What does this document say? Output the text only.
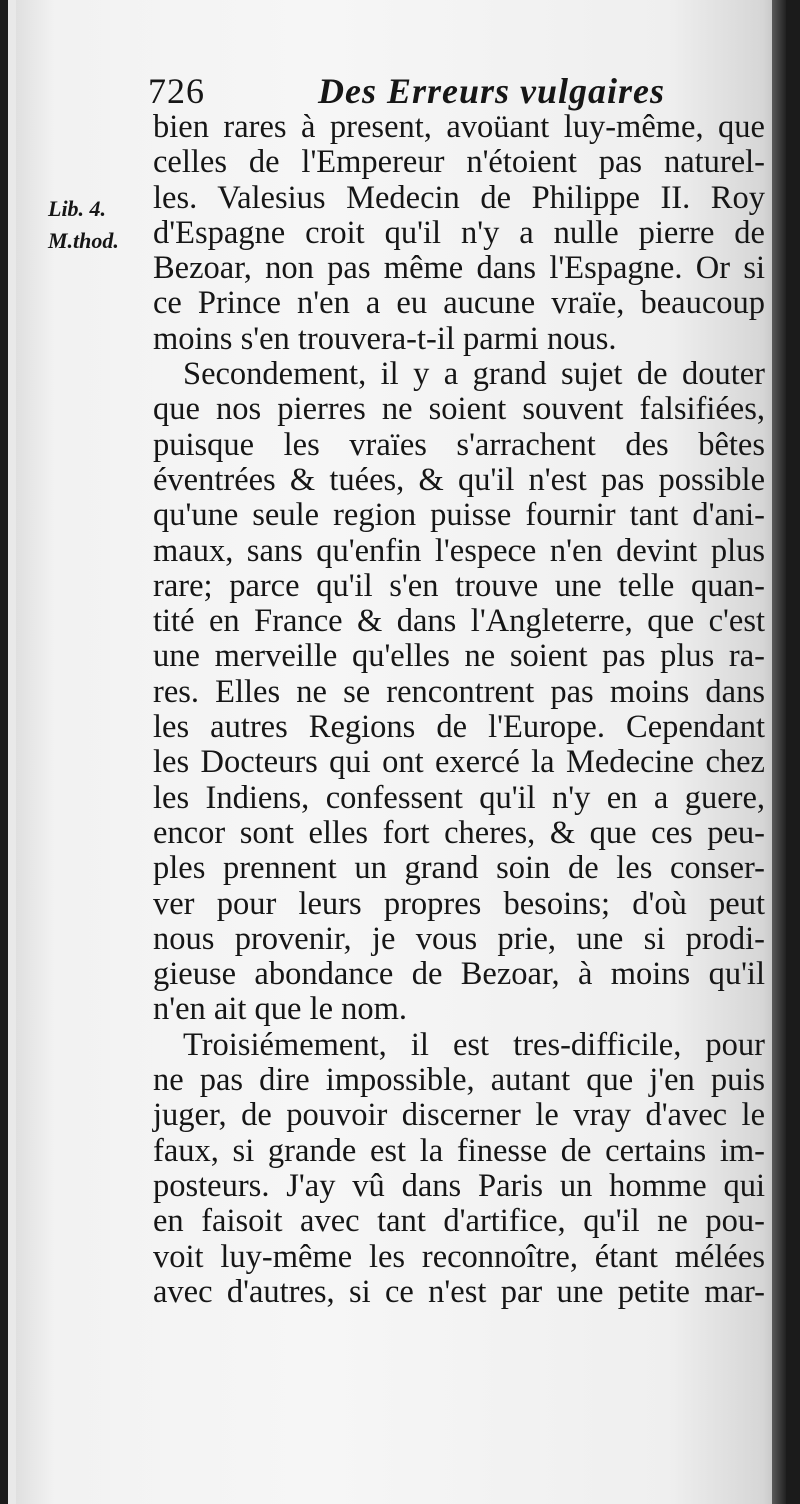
726	Des Erreurs vulgaires
Lib. 4.
M.thod.
bien rares à present, avoüant luy-même, que
celles de l'Empereur n'étoient pas naturel-
les. Valesius Medecin de Philippe II. Roy
d'Espagne croit qu'il n'y a nulle pierre de
Bezoar, non pas même dans l'Espagne. Or si
ce Prince n'en a eu aucune vraïe, beaucoup
moins s'en trouvera-t-il parmi nous.
Secondement, il y a grand sujet de douter
que nos pierres ne soient souvent falsifiées,
puisque les vraïes s'arrachent des bêtes
éventrées & tuées, & qu'il n'est pas possible
qu'une seule region puisse fournir tant d'ani-
maux, sans qu'enfin l'espece n'en devint plus
rare; parce qu'il s'en trouve une telle quan-
tité en France & dans l'Angleterre, que c'est
une merveille qu'elles ne soient pas plus ra-
res. Elles ne se rencontrent pas moins dans
les autres Regions de l'Europe. Cependant
les Docteurs qui ont exercé la Medecine chez
les Indiens, confessent qu'il n'y en a guere,
encor sont elles fort cheres, & que ces peu-
ples prennent un grand soin de les conser-
ver pour leurs propres besoins; d'où peut
nous provenir, je vous prie, une si prodi-
gieuse abondance de Bezoar, à moins qu'il
n'en ait que le nom.
Troisiémement, il est tres-difficile, pour
ne pas dire impossible, autant que j'en puis
juger, de pouvoir discerner le vray d'avec le
faux, si grande est la finesse de certains im-
posteurs. J'ay vû dans Paris un homme qui
en faisoit avec tant d'artifice, qu'il ne pou-
voit luy-même les reconnoître, étant mélées
avec d'autres, si ce n'est par une petite mar-
